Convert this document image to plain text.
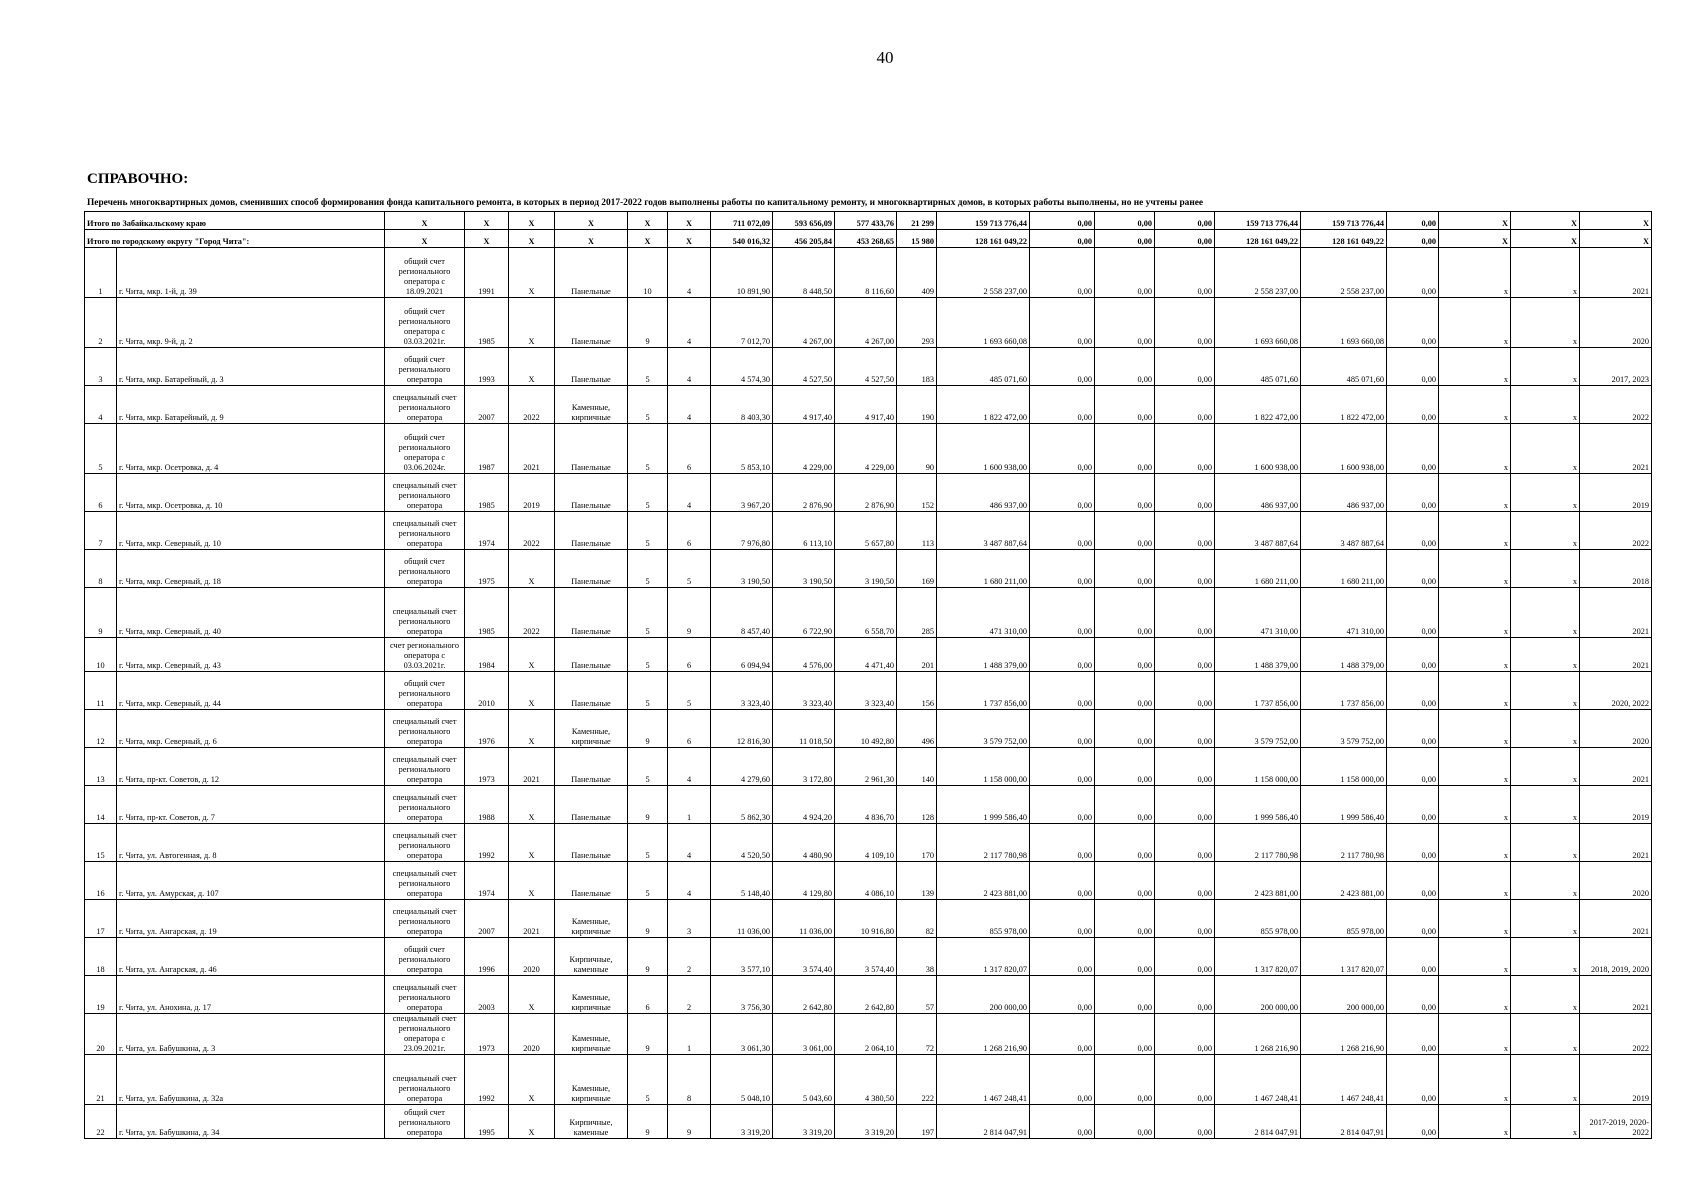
40
СПРАВОЧНО:
Перечень многоквартирных домов, сменивших способ формирования фонда капитального ремонта, в которых в период 2017-2022 годов выполнены работы по капитальному ремонту, и многоквартирных домов, в которых работы выполнены, но не учтены ранее
Итого по Забайкальскому краю		X	X	X	X	X	X	711 072,09	593 656,09	577 433,76	21 299	159 713 776,44	0,00	0,00	0,00	159 713 776,44	159 713 776,44	0,00	X	X	X
Итого по городскому округу "Город Чита":		X	X	X	X	X	X	540 016,32	456 205,84	453 268,65	15 980	128 161 049,22	0,00	0,00	0,00	128 161 049,22	128 161 049,22	0,00	X	X	X
1	г. Чита, мкр. 1-й, д. 39	общий счет регионального оператора с 18.09.2021	1991	X	Панельные	10	4	10 891,90	8 448,50	8 116,60	409	2 558 237,00	0,00	0,00	0,00	2 558 237,00	2 558 237,00	0,00	x	x	2021
2	г. Чита, мкр. 9-й, д. 2	общий счет регионального оператора с 03.03.2021г.	1985	X	Панельные	9	4	7 012,70	4 267,00	4 267,00	293	1 693 660,08	0,00	0,00	0,00	1 693 660,08	1 693 660,08	0,00	x	x	2020
3	г. Чита, мкр. Батарейный, д. 3	общий счет регионального оператора	1993	X	Панельные	5	4	4 574,30	4 527,50	4 527,50	183	485 071,60	0,00	0,00	0,00	485 071,60	485 071,60	0,00	x	x	2017, 2023
4	г. Чита, мкр. Батарейный, д. 9	специальный счет регионального оператора	2007	2022	Каменные, кирпичные	5	4	8 403,30	4 917,40	4 917,40	190	1 822 472,00	0,00	0,00	0,00	1 822 472,00	1 822 472,00	0,00	x	x	2022
5	г. Чита, мкр. Осетровка, д. 4	общий счет регионального оператора с 03.06.2024г.	1987	2021	Панельные	5	6	5 853,10	4 229,00	4 229,00	90	1 600 938,00	0,00	0,00	0,00	1 600 938,00	1 600 938,00	0,00	x	x	2021
6	г. Чита, мкр. Осетровка, д. 10	специальный счет регионального оператора	1985	2019	Панельные	5	4	3 967,20	2 876,90	2 876,90	152	486 937,00	0,00	0,00	0,00	486 937,00	486 937,00	0,00	x	x	2019
7	г. Чита, мкр. Северный, д. 10	специальный счет регионального оператора	1974	2022	Панельные	5	6	7 976,80	6 113,10	5 657,80	113	3 487 887,64	0,00	0,00	0,00	3 487 887,64	3 487 887,64	0,00	x	x	2022
8	г. Чита, мкр. Северный, д. 18	общий счет регионального оператора	1975	X	Панельные	5	5	3 190,50	3 190,50	3 190,50	169	1 680 211,00	0,00	0,00	0,00	1 680 211,00	1 680 211,00	0,00	x	x	2018
9	г. Чита, мкр. Северный, д. 40	специальный счет регионального оператора	1985	2022	Панельные	5	9	8 457,40	6 722,90	6 558,70	285	471 310,00	0,00	0,00	0,00	471 310,00	471 310,00	0,00	x	x	2021
10	г. Чита, мкр. Северный, д. 43	счет регионального оператора с 03.03.2021г.	1984	X	Панельные	5	6	6 094,94	4 576,00	4 471,40	201	1 488 379,00	0,00	0,00	0,00	1 488 379,00	1 488 379,00	0,00	x	x	2021
11	г. Чита, мкр. Северный, д. 44	общий счет регионального оператора	2010	X	Панельные	5	5	3 323,40	3 323,40	3 323,40	156	1 737 856,00	0,00	0,00	0,00	1 737 856,00	1 737 856,00	0,00	x	x	2020, 2022
12	г. Чита, мкр. Северный, д. 6	специальный счет регионального оператора	1976	X	Каменные, кирпичные	9	6	12 816,30	11 018,50	10 492,80	496	3 579 752,00	0,00	0,00	0,00	3 579 752,00	3 579 752,00	0,00	x	x	2020
13	г. Чита, пр-кт. Советов, д. 12	специальный счет регионального оператора	1973	2021	Панельные	5	4	4 279,60	3 172,80	2 961,30	140	1 158 000,00	0,00	0,00	0,00	1 158 000,00	1 158 000,00	0,00	x	x	2021
14	г. Чита, пр-кт. Советов, д. 7	специальный счет регионального оператора	1988	X	Панельные	9	1	5 862,30	4 924,20	4 836,70	128	1 999 586,40	0,00	0,00	0,00	1 999 586,40	1 999 586,40	0,00	x	x	2019
15	г. Чита, ул. Автогенная, д. 8	специальный счет регионального оператора	1992	X	Панельные	5	4	4 520,50	4 480,90	4 109,10	170	2 117 780,98	0,00	0,00	0,00	2 117 780,98	2 117 780,98	0,00	x	x	2021
16	г. Чита, ул. Амурская, д. 107	специальный счет регионального оператора	1974	X	Панельные	5	4	5 148,40	4 129,80	4 086,10	139	2 423 881,00	0,00	0,00	0,00	2 423 881,00	2 423 881,00	0,00	x	x	2020
17	г. Чита, ул. Ангарская, д. 19	специальный счет регионального оператора	2007	2021	Каменные, кирпичные	9	3	11 036,00	11 036,00	10 916,80	82	855 978,00	0,00	0,00	0,00	855 978,00	855 978,00	0,00	x	x	2021
18	г. Чита, ул. Ангарская, д. 46	общий счет регионального оператора	1996	2020	Кирпичные, каменные	9	2	3 577,10	3 574,40	3 574,40	38	1 317 820,07	0,00	0,00	0,00	1 317 820,07	1 317 820,07	0,00	x	x	2018, 2019, 2020
19	г. Чита, ул. Анохина, д. 17	специальный счет регионального оператора	2003	X	Каменные, кирпичные	6	2	3 756,30	2 642,80	2 642,80	57	200 000,00	0,00	0,00	0,00	200 000,00	200 000,00	0,00	x	x	2021
20	г. Чита, ул. Бабушкина, д. 3	специальный счет регионального оператора с 23.09.2021г.	1973	2020	Каменные, кирпичные	9	1	3 061,30	3 061,00	2 064,10	72	1 268 216,90	0,00	0,00	0,00	1 268 216,90	1 268 216,90	0,00	x	x	2022
21	г. Чита, ул. Бабушкина, д. 32а	специальный счет регионального оператора	1992	X	Каменные, кирпичные	5	8	5 048,10	5 043,60	4 380,50	222	1 467 248,41	0,00	0,00	0,00	1 467 248,41	1 467 248,41	0,00	x	x	2019
22	г. Чита, ул. Бабушкина, д. 34	общий счет регионального оператора	1995	X	Кирпичные, каменные	9	9	3 319,20	3 319,20	3 319,20	197	2 814 047,91	0,00	0,00	0,00	2 814 047,91	2 814 047,91	0,00	x	x	2017-2019, 2020-2022
